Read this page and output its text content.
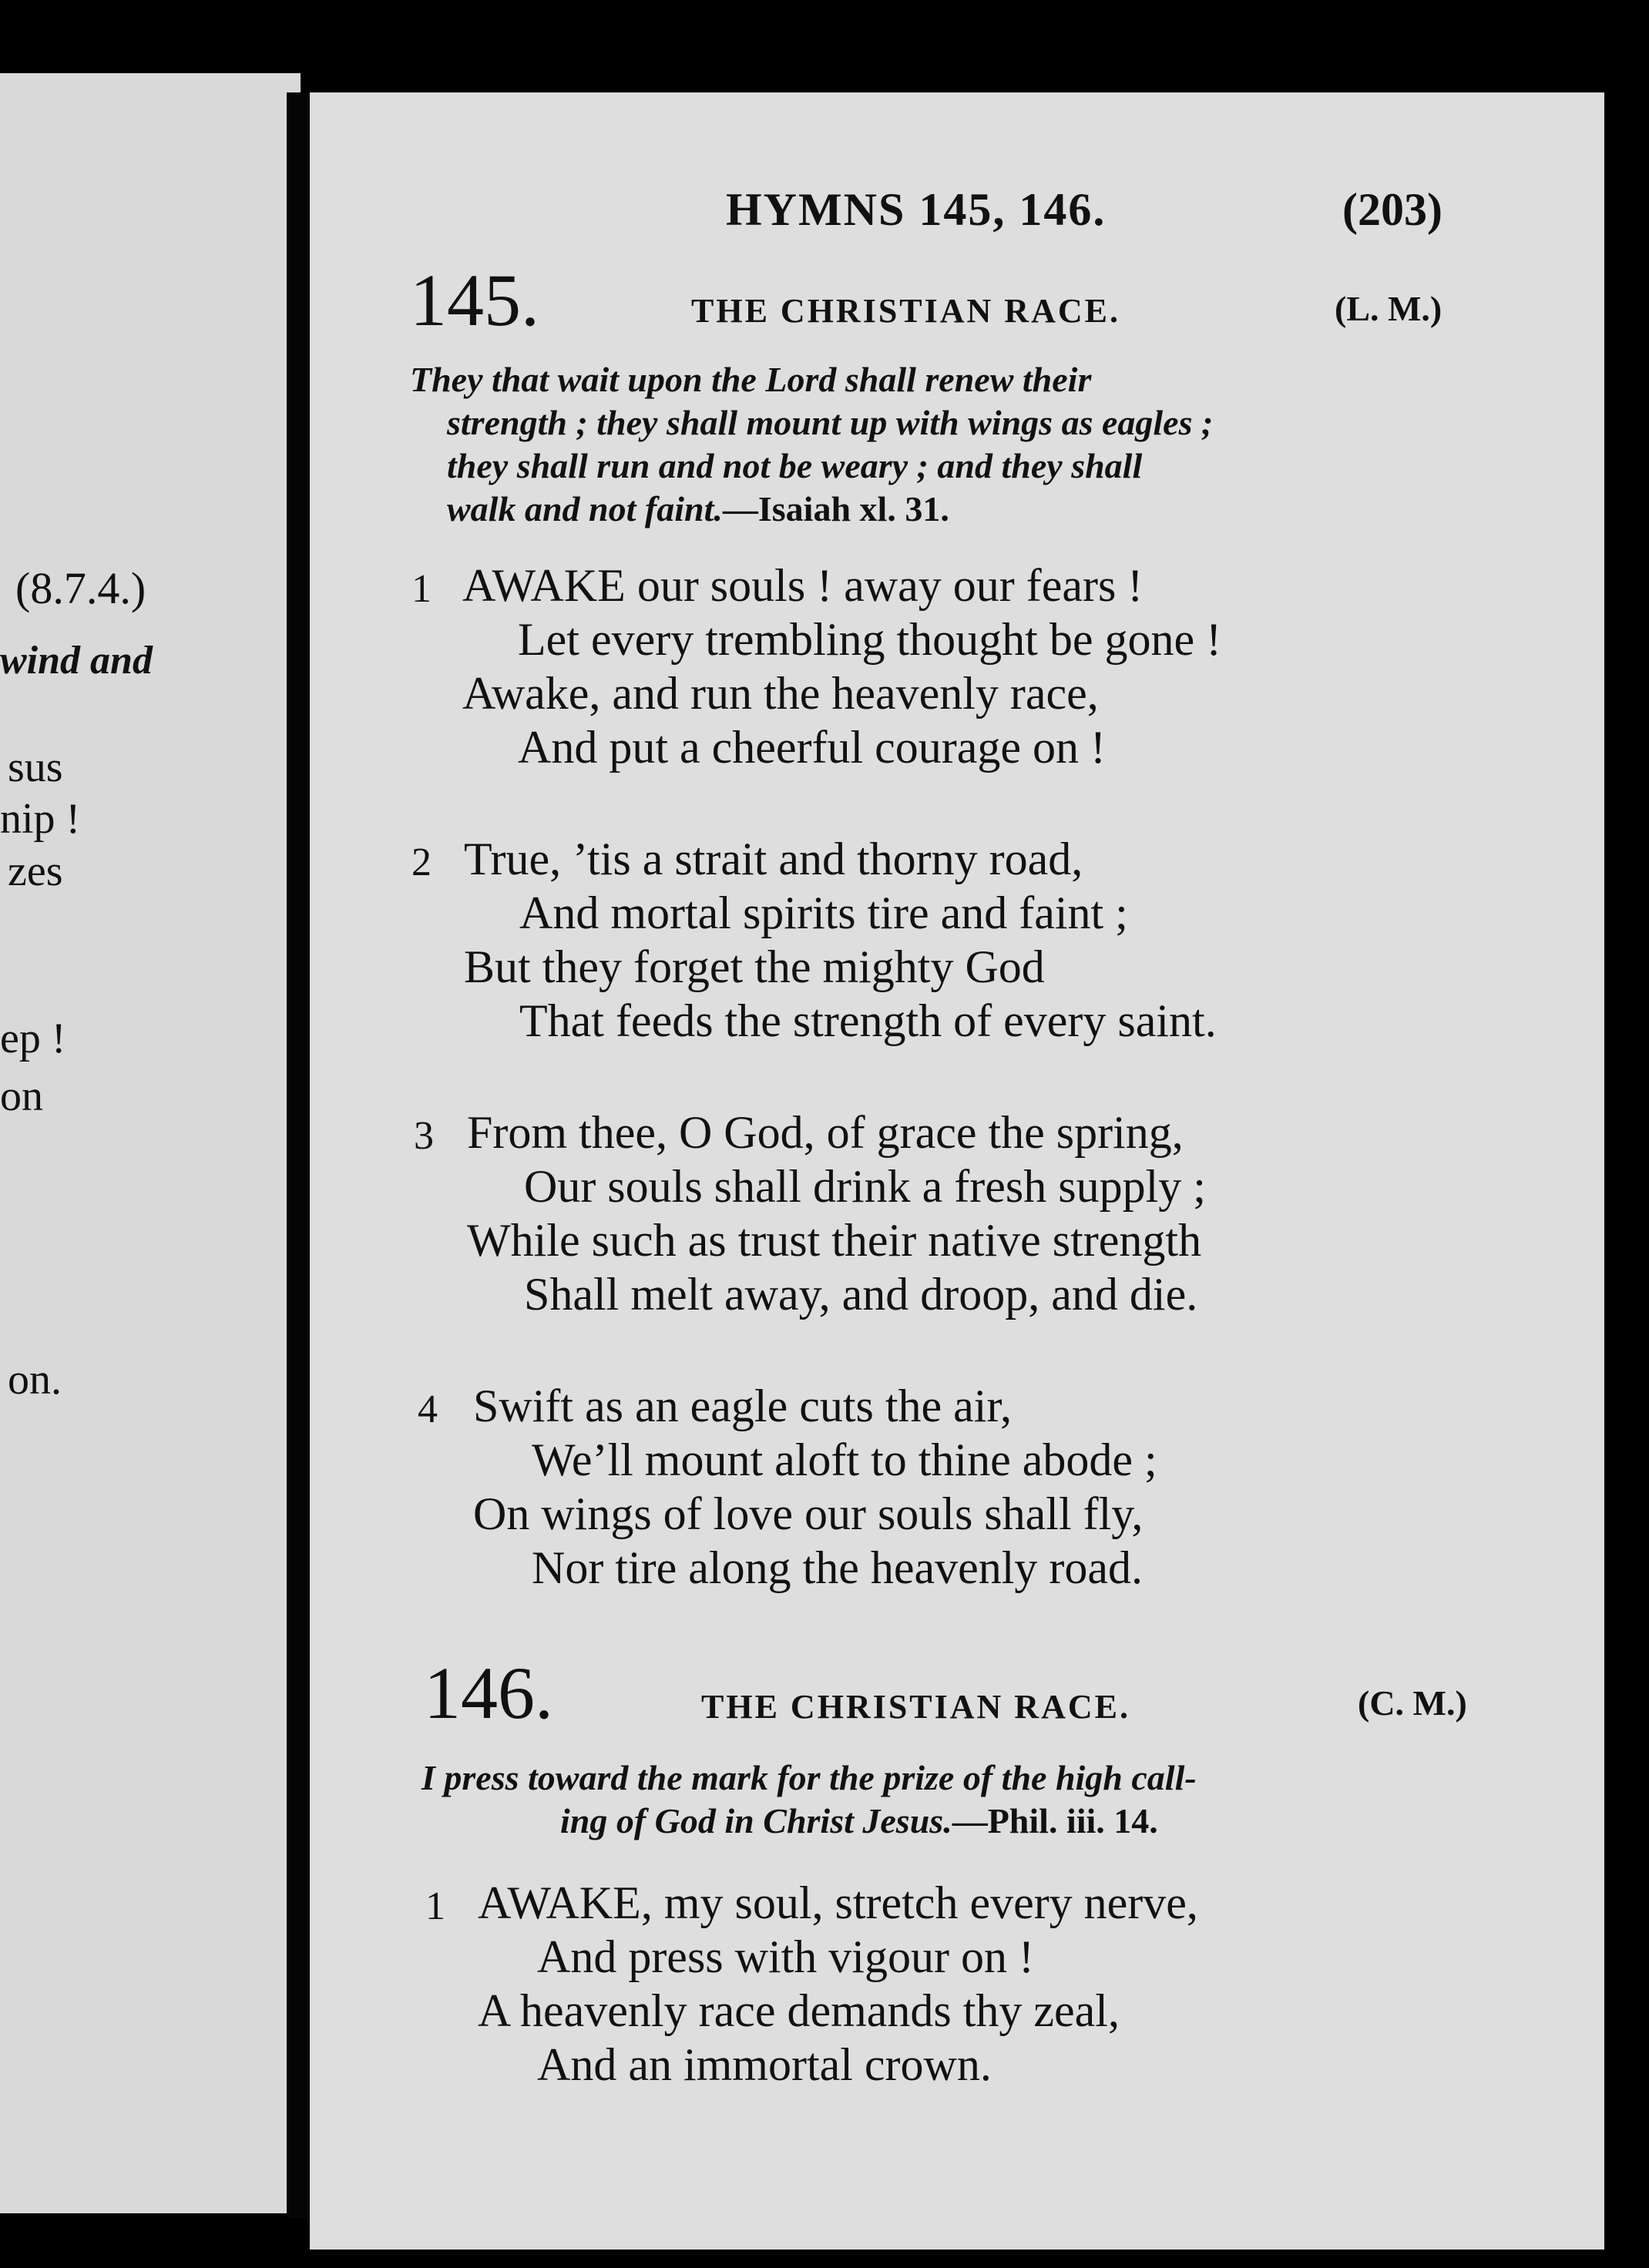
(8.7.4.)
wind and
sus
nip !
zes
ep !
on
on.
HYMNS 145, 146.	(203)
145.	THE CHRISTIAN RACE.	(L. M.)
They that wait upon the Lord shall renew their
strength ; they shall mount up with wings as eagles ;
they shall run and not be weary ; and they shall
walk and not faint.—Isaiah xl. 31.
1 AWAKE our souls ! away our fears !
Let every trembling thought be gone !
Awake, and run the heavenly race,
And put a cheerful courage on !
2 True, ’tis a strait and thorny road,
And mortal spirits tire and faint ;
But they forget the mighty God
That feeds the strength of every saint.
3 From thee, O God, of grace the spring,
Our souls shall drink a fresh supply ;
While such as trust their native strength
Shall melt away, and droop, and die.
4 Swift as an eagle cuts the air,
We’ll mount aloft to thine abode ;
On wings of love our souls shall fly,
Nor tire along the heavenly road.
146.	THE CHRISTIAN RACE.	(C. M.)
I press toward the mark for the prize of the high call-
ing of God in Christ Jesus.—Phil. iii. 14.
1 AWAKE, my soul, stretch every nerve,
And press with vigour on !
A heavenly race demands thy zeal,
And an immortal crown.
